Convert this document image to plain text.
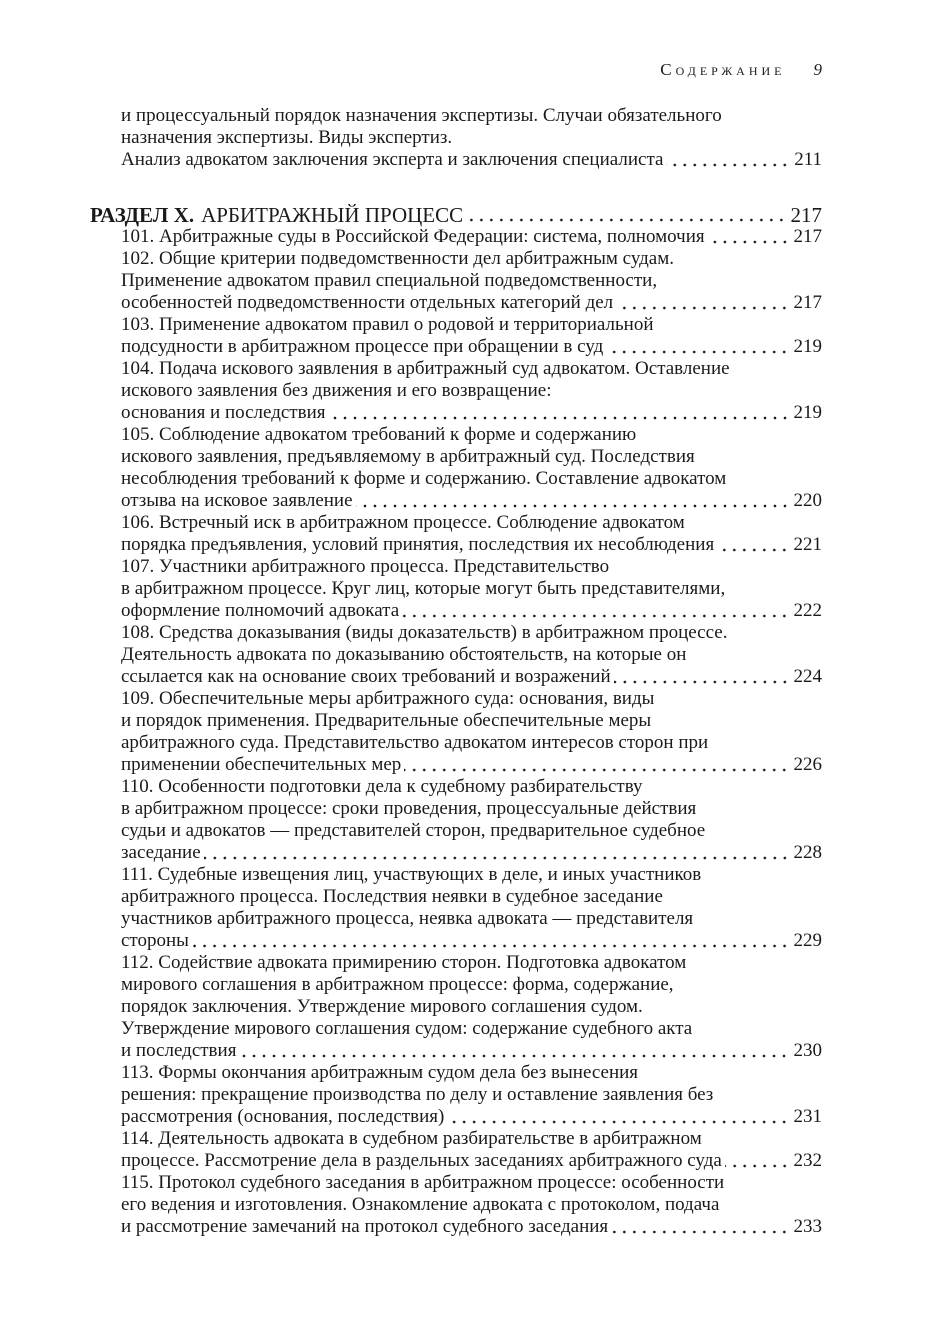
Содержание 9
и процессуальный порядок назначения экспертизы. Случаи обязательного
назначения экспертизы. Виды экспертиз.
Анализ адвокатом заключения эксперта и заключения специалиста	211
РАЗДЕЛ X. АРБИТРАЖНЫЙ ПРОЦЕСС	217
101. Арбитражные суды в Российской Федерации: система, полномочия	217
102. Общие критерии подведомственности дел арбитражным судам.
Применение адвокатом правил специальной подведомственности,
особенностей подведомственности отдельных категорий дел	217
103. Применение адвокатом правил о родовой и территориальной
подсудности в арбитражном процессе при обращении в суд	219
104. Подача искового заявления в арбитражный суд адвокатом. Оставление
искового заявления без движения и его возвращение:
основания и последствия	219
105. Соблюдение адвокатом требований к форме и содержанию
искового заявления, предъявляемому в арбитражный суд. Последствия
несоблюдения требований к форме и содержанию. Составление адвокатом
отзыва на исковое заявление	220
106. Встречный иск в арбитражном процессе. Соблюдение адвокатом
порядка предъявления, условий принятия, последствия их несоблюдения	221
107. Участники арбитражного процесса. Представительство
в арбитражном процессе. Круг лиц, которые могут быть представителями,
оформление полномочий адвоката	222
108. Средства доказывания (виды доказательств) в арбитражном процессе.
Деятельность адвоката по доказыванию обстоятельств, на которые он
ссылается как на основание своих требований и возражений	224
109. Обеспечительные меры арбитражного суда: основания, виды
и порядок применения. Предварительные обеспечительные меры
арбитражного суда. Представительство адвокатом интересов сторон при
применении обеспечительных мер	226
110. Особенности подготовки дела к судебному разбирательству
в арбитражном процессе: сроки проведения, процессуальные действия
судьи и адвокатов — представителей сторон, предварительное судебное
заседание	228
111. Судебные извещения лиц, участвующих в деле, и иных участников
арбитражного процесса. Последствия неявки в судебное заседание
участников арбитражного процесса, неявка адвоката — представителя
стороны	229
112. Содействие адвоката примирению сторон. Подготовка адвокатом
мирового соглашения в арбитражном процессе: форма, содержание,
порядок заключения. Утверждение мирового соглашения судом.
Утверждение мирового соглашения судом: содержание судебного акта
и последствия	230
113. Формы окончания арбитражным судом дела без вынесения
решения: прекращение производства по делу и оставление заявления без
рассмотрения (основания, последствия)	231
114. Деятельность адвоката в судебном разбирательстве в арбитражном
процессе. Рассмотрение дела в раздельных заседаниях арбитражного суда	232
115. Протокол судебного заседания в арбитражном процессе: особенности
его ведения и изготовления. Ознакомление адвоката с протоколом, подача
и рассмотрение замечаний на протокол судебного заседания	233
